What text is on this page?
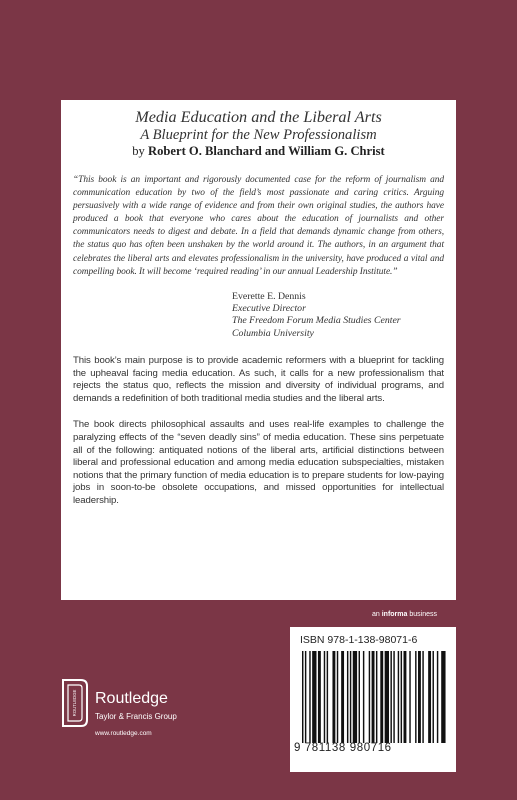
Media Education and the Liberal Arts

A Blueprint for the New Professionalism

by Robert O. Blanchard and William G. Christ

“This book is an important and rigorously documented case for the reform of journalism and communication education by two of the field’s most passionate and caring critics. Arguing persuasively with a wide range of evidence and from their own original studies, the authors have produced a book that everyone who cares about the education of journalists and other communicators needs to digest and debate. In a field that demands dynamic change from others, the status quo has often been unshaken by the world around it. The authors, in an argument that celebrates the liberal arts and elevates professionalism in the university, have produced a vital and compelling book. It will become ‘required reading’ in our annual Leadership Institute.”

Everette E. Dennis
Executive Director
The Freedom Forum Media Studies Center
Columbia University

This book’s main purpose is to provide academic reformers with a blueprint for tackling the upheaval facing media education. As such, it calls for a new professionalism that rejects the status quo, reflects the mission and diversity of individual programs, and demands a redefinition of both traditional media studies and the liberal arts.

The book directs philosophical assaults and uses real-life examples to challenge the paralyzing effects of the “seven deadly sins” of media education. These sins perpetuate all of the following: antiquated notions of the liberal arts, artificial distinctions between liberal and professional education and among media education subspecialties, mistaken notions that the primary function of media education is to prepare students for low-paying jobs in soon-to-be obsolete occupations, and missed opportunities for intellectual leadership.

an informa business
ISBN 978-1-138-98071-6
9 781138 980716
ROUTLEDGE Routledge
Taylor & Francis Group
www.routledge.com
